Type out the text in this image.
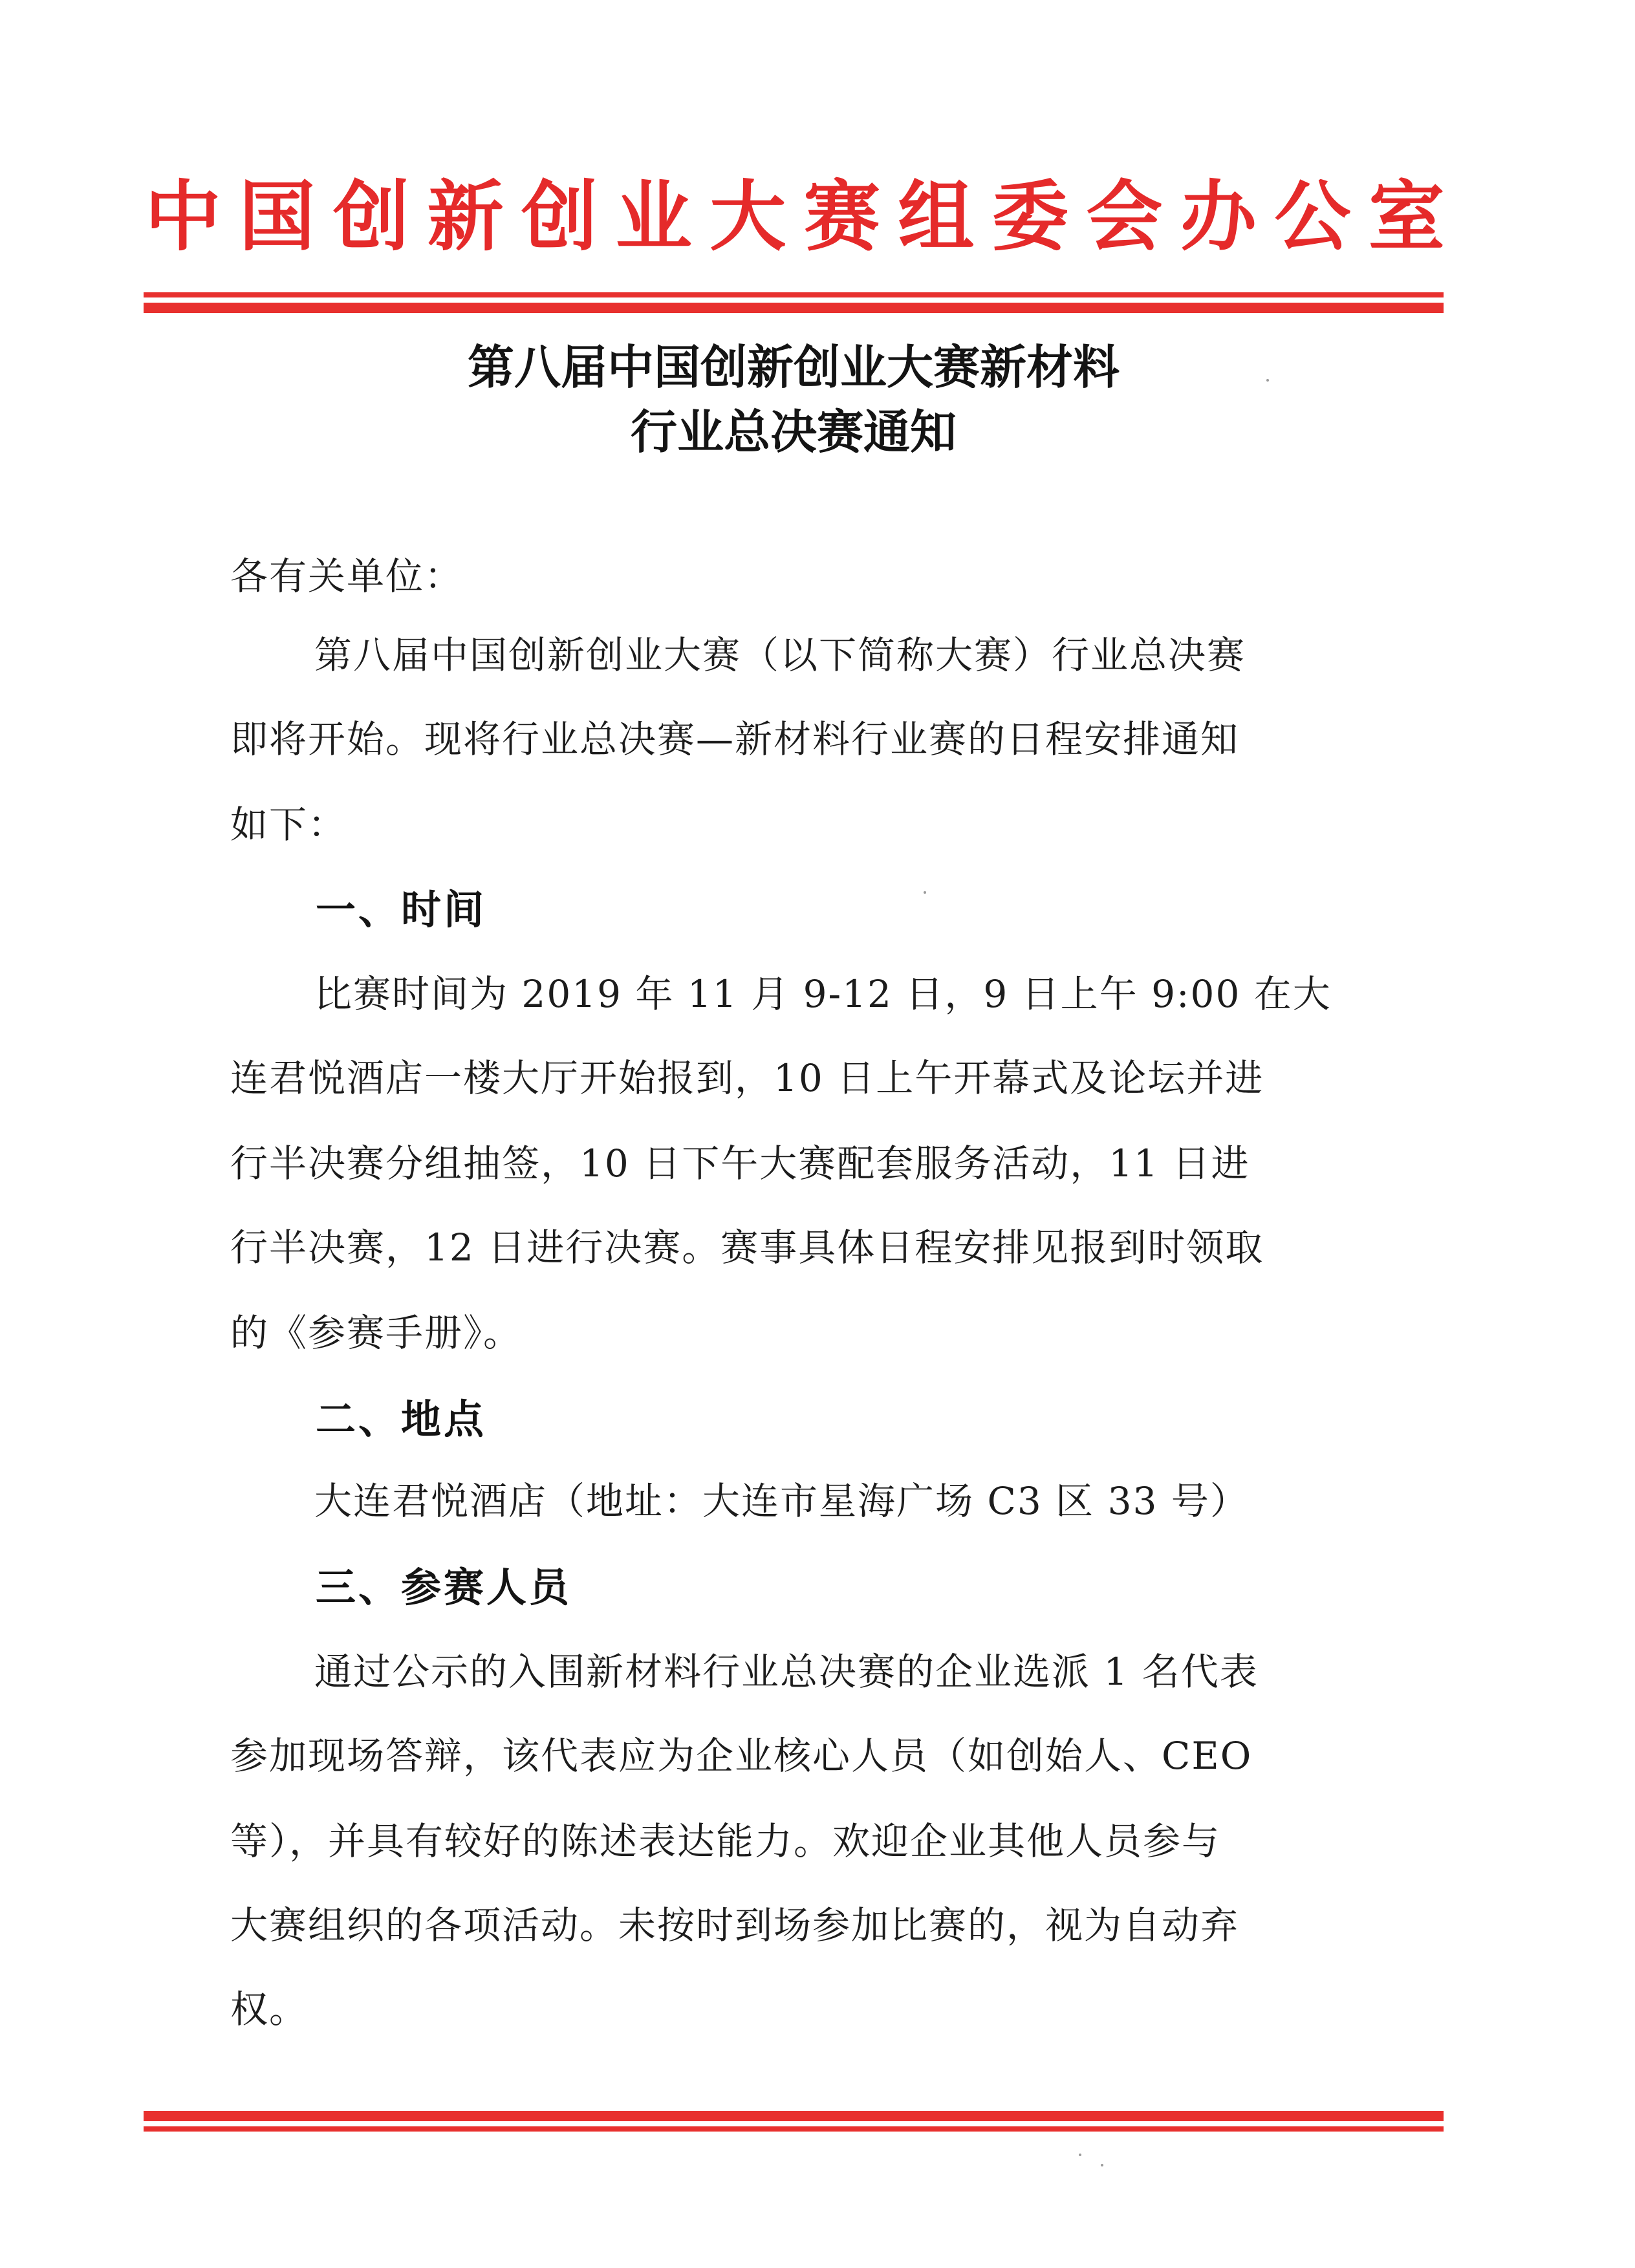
中 国 创 新 创 业 大 赛 组 委 会 办 公 室
第八届中国创新创业大赛新材料
行业总决赛通知
各有关单位：
第八届中国创新创业大赛（以下简称大赛）行业总决赛
即将开始。现将行业总决赛—新材料行业赛的日程安排通知
如下：
一、时间
比赛时间为 2019 年 11 月 9-12 日，9 日上午 9:00 在大
连君悦酒店一楼大厅开始报到，10 日上午开幕式及论坛并进
行半决赛分组抽签，10 日下午大赛配套服务活动，11 日进
行半决赛，12 日进行决赛。赛事具体日程安排见报到时领取
的《参赛手册》。
二、地点
大连君悦酒店（地址：大连市星海广场 C3 区 33 号）
三、参赛人员
通过公示的入围新材料行业总决赛的企业选派 1 名代表
参加现场答辩，该代表应为企业核心人员（如创始人、CEO
等），并具有较好的陈述表达能力。欢迎企业其他人员参与
大赛组织的各项活动。未按时到场参加比赛的，视为自动弃
权。
